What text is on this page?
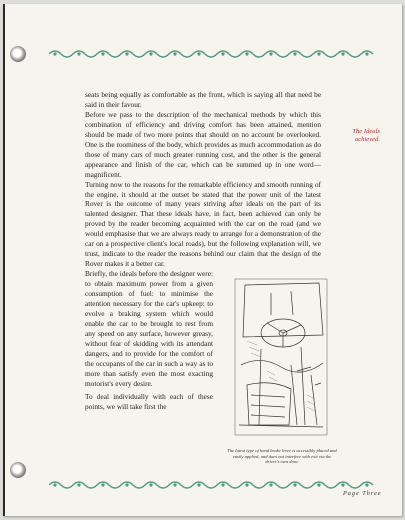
The Ideals achieved.

seats being equally as comfortable as the front, which is saying all that need be said in their favour.

Before we pass to the description of the mechanical methods by which this combination of efficiency and driving comfort has been attained, mention should be made of two more points that should on no account be overlooked. One is the roominess of the body, which provides as much accommodation as do those of many cars of much greater running cost, and the other is the general appearance and finish of the car, which can be summed up in one word—magnificent.

Turning now to the reasons for the remarkable efficiency and smooth running of the engine, it should at the outset be stated that the power unit of the latest Rover is the outcome of many years striving after ideals on the part of its talented designer. That these ideals have, in fact, been achieved can only be proved by the reader becoming acquainted with the car on the road (and we would emphasise that we are always ready to arrange for a demonstration of the car on a prospective client's local roads), but the following explanation will, we trust, indicate to the reader the reasons behind our claim that the design of the Rover makes it a better car.

Briefly, the ideals before the designer were: to obtain maximum power from a given consumption of fuel: to minimise the attention necessary for the car's upkeep: to evolve a braking system which would enable the car to be brought to rest from any speed on any surface, however greasy, without fear of skidding with its attendant dangers, and to provide for the comfort of the occupants of the car in such a way as to more than satisfy even the most exacting motorist's every desire.

To deal individually with each of these points, we will take first the

The latest type of hand brake lever is accessibly placed and easily applied, and does not interfere with exit via the driver's own door.
Page Three
